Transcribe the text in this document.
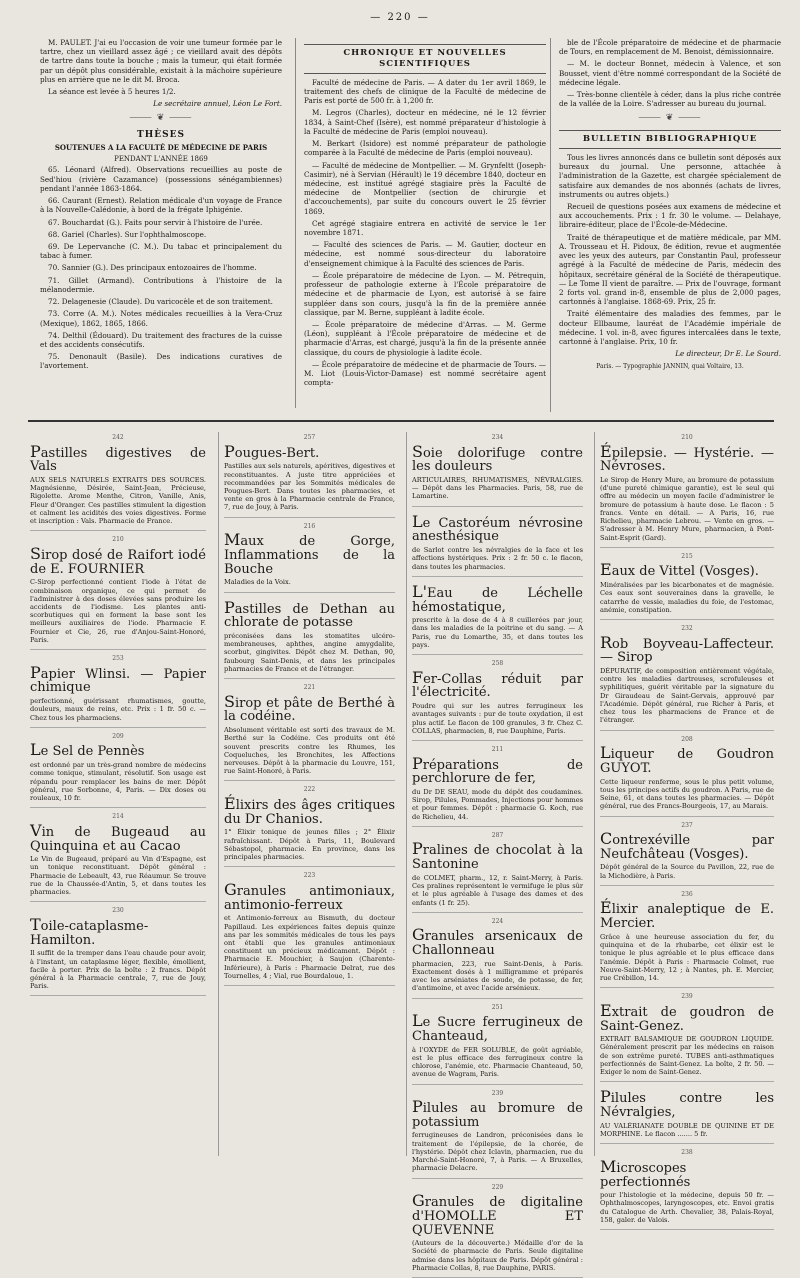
— 220 —

M. PAULET. J'ai eu l'occasion de voir une tumeur formée par le tartre, chez un vieillard assez âgé ; ce vieillard avait des dépôts de tartre dans toute la bouche ; mais la tumeur, qui était formée par un dépôt plus considérable, existait à la mâchoire supérieure plus en arrière que ne le dit M. Broca.

La séance est levée à 5 heures 1/2.

Le secrétaire annuel, Léon Le Fort.

⸻ ❦ ⸻
THÈSES
SOUTENUES A LA FACULTÉ DE MÉDECINE DE PARIS
PENDANT L'ANNÉE 1869

65. Léonard (Alfred). Observations recueillies au poste de Sed'hiou (rivière Cazamance) (possessions sénégambiennes) pendant l'année 1863-1864.

66. Caurant (Ernest). Relation médicale d'un voyage de France à la Nouvelle-Calédonie, à bord de la frégate Iphigénie.

67. Bouchardat (G.). Faits pour servir à l'histoire de l'urée.

68. Gariel (Charles). Sur l'ophthalmoscope.

69. De Lepervanche (C. M.). Du tabac et principalement du tabac à fumer.

70. Sannier (G.). Des principaux entozoaires de l'homme.

71. Gillet (Armand). Contributions à l'histoire de la mélanodermie.

72. Delagenesie (Claude). Du varicocèle et de son traitement.

73. Corre (A. M.). Notes médicales recueillies à la Vera-Cruz (Mexique), 1862, 1865, 1866.

74. Delthil (Édouard). Du traitement des fractures de la cuisse et des accidents consécutifs.

75. Denonault (Basile). Des indications curatives de l'avortement.

CHRONIQUE ET NOUVELLES SCIENTIFIQUES

Faculté de médecine de Paris. — A dater du 1er avril 1869, le traitement des chefs de clinique de la Faculté de médecine de Paris est porté de 500 fr. à 1,200 fr.

M. Legros (Charles), docteur en médecine, né le 12 février 1834, à Saint-Chef (Isère), est nommé préparateur d'histologie à la Faculté de médecine de Paris (emploi nouveau).

M. Berkart (Isidore) est nommé préparateur de pathologie comparée à la Faculté de médecine de Paris (emploi nouveau).

— Faculté de médecine de Montpellier. — M. Grynfeltt (Joseph-Casimir), né à Servian (Hérault) le 19 décembre 1840, docteur en médecine, est institué agrégé stagiaire près la Faculté de médecine de Montpellier (section de chirurgie et d'accouchements), par suite du concours ouvert le 25 février 1869.

Cet agrégé stagiaire entrera en activité de service le 1er novembre 1871.

— Faculté des sciences de Paris. — M. Gautier, docteur en médecine, est nommé sous-directeur du laboratoire d'enseignement chimique à la Faculté des sciences de Paris.

— École préparatoire de médecine de Lyon. — M. Pétrequin, professeur de pathologie externe à l'École préparatoire de médecine et de pharmacie de Lyon, est autorisé à se faire suppléer dans son cours, jusqu'à la fin de la première année classique, par M. Berne, suppléant à ladite école.

— École préparatoire de médecine d'Arras. — M. Germe (Léon), suppléant à l'École préparatoire de médecine et de pharmacie d'Arras, est chargé, jusqu'à la fin de la présente année classique, du cours de physiologie à ladite école.

— École préparatoire de médecine et de pharmacie de Tours. — M. Liot (Louis-Victor-Damase) est nommé secrétaire agent compta-

ble de l'École préparatoire de médecine et de pharmacie de Tours, en remplacement de M. Benoist, démissionnaire.

— M. le docteur Bonnet, médecin à Valence, et son Bousset, vient d'être nommé correspondant de la Société de médecine légale.

— Très-bonne clientèle à céder, dans la plus riche contrée de la vallée de la Loire. S'adresser au bureau du journal.

⸻ ❦ ⸻
BULLETIN BIBLIOGRAPHIQUE

Tous les livres annoncés dans ce bulletin sont déposés aux bureaux du journal. Une personne, attachée à l'administration de la Gazette, est chargée spécialement de satisfaire aux demandes de nos abonnés (achats de livres, instruments ou autres objets.)

Recueil de questions posées aux examens de médecine et aux accouchements. Prix : 1 fr. 30 le volume. — Delahaye, libraire-éditeur, place de l'École-de-Médecine.

Traité de thérapeutique et de matière médicale, par MM. A. Trousseau et H. Pidoux, 8e édition, revue et augmentée avec les yeux des auteurs, par Constantin Paul, professeur agrégé à la Faculté de médecine de Paris, médecin des hôpitaux, secrétaire général de la Société de thérapeutique. — Le Tome II vient de paraître. — Prix de l'ouvrage, formant 2 forts vol. grand in-8, ensemble de plus de 2,000 pages, cartonnés à l'anglaise. 1868-69. Prix, 25 fr.

Traité élémentaire des maladies des femmes, par le docteur Ellbaume, lauréat de l'Académie impériale de médecine. 1 vol. in-8, avec figures intercalées dans le texte, cartonné à l'anglaise. Prix, 10 fr.

Le directeur, Dr E. Le Sourd.

Paris. — Typographie JANNIN, quai Voltaire, 13.
242
Pastilles digestives de Vals

AUX SELS NATURELS EXTRAITS DES SOURCES. Magnésienne, Désirée, Saint-Jean, Précieuse, Rigolette. Arome Menthe, Citron, Vanille, Anis, Fleur d'Oranger. Ces pastilles stimulent la digestion et calment les acidités des voies digestives. Forme et inscription : Vals. Pharmacie de France.

210
Sirop dosé de Raifort iodé de E. FOURNIER

C-Sirop perfectionné contient l'iode à l'état de combinaison organique, ce qui permet de l'administrer à des doses élevées sans produire les accidents de l'iodisme. Les plantes anti-scorbutiques qui en forment la base sont les meilleurs auxiliaires de l'iode. Pharmacie F. Fournier et Cie, 26, rue d'Anjou-Saint-Honoré, Paris.

253
Papier Wlinsi. — Papier chimique

perfectionné, guérissant rhumatismes, goutte, douleurs, maux de reins, etc. Prix : 1 fr. 50 c. — Chez tous les pharmaciens.

209
Le Sel de Pennès

est ordonné par un très-grand nombre de médecins comme tonique, stimulant, résolutif. Son usage est répandu pour remplacer les bains de mer. Dépôt général, rue Sorbonne, 4, Paris. — Dix doses ou rouleaux, 10 fr.

214
Vin de Bugeaud au Quinquina et au Cacao

Le Vin de Bugeaud, préparé au Vin d'Espagne, est un tonique reconstituant. Dépôt général : Pharmacie de Lebeault, 43, rue Réaumur. Se trouve rue de la Chaussée-d'Antin, 5, et dans toutes les pharmacies.

230
Toile-cataplasme-Hamilton.

Il suffit de la tremper dans l'eau chaude pour avoir, à l'instant, un cataplasme léger, flexible, émollient, facile à porter. Prix de la boîte : 2 francs. Dépôt général à la Pharmacie centrale, 7, rue de Jouy, Paris.

257
Pougues-Bert.

Pastilles aux sels naturels, apéritives, digestives et reconstituantes. A juste titre appréciées et recommandées par les Sommités médicales de Pougues-Bert. Dans toutes les pharmacies, et vente en gros à la Pharmacie centrale de France, 7, rue de Jouy, à Paris.

216
Maux de Gorge, Inflammations de la Bouche

Maladies de la Voix.

Pastilles de Dethan au chlorate de potasse

préconisées dans les stomatites ulcéro-membraneuses, aphthes, angine amygdalite, scorbut, gingivites. Dépôt chez M. Dethan, 90, faubourg Saint-Denis, et dans les principales pharmacies de France et de l'étranger.

221
Sirop et pâte de Berthé à la codéine.

Absolument véritable est sorti des travaux de M. Berthé sur la Codéine. Ces produits ont été souvent prescrits contre les Rhumes, les Coqueluches, les Bronchites, les Affections nerveuses. Dépôt à la pharmacie du Louvre, 151, rue Saint-Honoré, à Paris.

222
Élixirs des âges critiques du Dr Chanios.

1° Élixir tonique de jeunes filles ; 2° Élixir rafraîchissant. Dépôt à Paris, 11, Boulevard Sébastopol, pharmacie. En province, dans les principales pharmacies.

223
Granules antimoniaux, antimonio-ferreux

et Antimonio-ferreux au Bismuth, du docteur Papillaud. Les expériences faites depuis quinze ans par les sommités médicales de tous les pays ont établi que les granules antimoniaux constituent un précieux médicament. Dépôt : Pharmacie E. Mouchier, à Saujon (Charente-Inférieure), à Paris : Pharmacie Delrat, rue des Tournelles, 4 ; Vial, rue Bourdaloue, 1.

234
Soie dolorifuge contre les douleurs

ARTICULAIRES, RHUMATISMES, NÉVRALGIES. — Dépôt dans les Pharmacies. Paris, 58, rue de Lamartine.

Le Castoréum névrosine anesthésique

de Sarlot contre les névralgies de la face et les affections hystériques. Prix : 2 fr. 50 c. le flacon, dans toutes les pharmacies.

L'Eau de Léchelle hémostatique,

prescrite à la dose de 4 à 8 cuillerées par jour, dans les maladies de la poitrine et du sang. — A Paris, rue du Lomarthe, 35, et dans toutes les pays.

258
Fer-Collas réduit par l'électricité.

Poudre qui sur les autres ferrugineux les avantages suivants : pur de toute oxydation, il est plus actif. Le flacon de 100 granules, 3 fr. Chez C. COLLAS, pharmacien, 8, rue Dauphine, Paris.

211
Préparations de perchlorure de fer,

du Dr DE SEAU, mode du dépôt des coudamines. Sirop, Pilules, Pommades, Injections pour hommes et pour femmes. Dépôt : pharmacie G. Koch, rue de Richelieu, 44.

287
Pralines de chocolat à la Santonine

de COLMET, pharm., 12, r. Saint-Merry, à Paris. Ces pralines représentent le vermifuge le plus sûr et le plus agréable à l'usage des dames et des enfants (1 fr. 25).

224
Granules arsenicaux de Challonneau

pharmacien, 223, rue Saint-Denis, à Paris. Exactement dosés à 1 milligramme et préparés avec les arséniates de soude, de potasse, de fer, d'antimoine, et avec l'acide arsénieux.

251
Le Sucre ferrugineux de Chanteaud,

à l'OXYDE de FER SOLUBLE, de goût agréable, est le plus efficace des ferrugineux contre la chlorose, l'anémie, etc. Pharmacie Chanteaud, 50, avenue de Wagram, Paris.

239
Pilules au bromure de potassium

ferrugineuses de Landron, préconisées dans le traitement de l'épilepsie, de la chorée, de l'hystérie. Dépôt chez Iclavin, pharmacien, rue du Marché-Saint-Honoré, 7, à Paris. — A Bruxelles, pharmacie Delacre.

229
Granules de digitaline d'HOMOLLE ET QUEVENNE

(Auteurs de la découverte.) Médaille d'or de la Société de pharmacie de Paris. Seule digitaline admise dans les hôpitaux de Paris. Dépôt général : Pharmacie Collas, 8, rue Dauphine, PARIS.

210
Épilepsie. — Hystérie. — Névroses.

Le Sirop de Henry Mure, au bromure de potassium (d'une pureté chimique garantie), est le seul qui offre au médecin un moyen facile d'administrer le bromure de potassium à haute dose. Le flacon : 5 francs. Vente en détail. — A Paris, 16, rue Richelieu, pharmacie Lebrou. — Vente en gros. — S'adresser à M. Henry Mure, pharmacien, à Pont-Saint-Esprit (Gard).

215
Eaux de Vittel (Vosges).

Minéralisées par les bicarbonates et de magnésie. Ces eaux sont souveraines dans la gravelle, le catarrhe de vessie, maladies du foie, de l'estomac, anémie, constipation.

232
Rob Boyveau-Laffecteur. — Sirop

DÉPURATIF, de composition entièrement végétale, contre les maladies dartreuses, scrofuleuses et syphilitiques, guérit véritable par la signature du Dr Giraudeau de Saint-Gervais, approuvé par l'Académie. Dépôt général, rue Richer à Paris, et chez tous les pharmaciens de France et de l'étranger.

208
Liqueur de Goudron GUYOT.

Cette liqueur renferme, sous le plus petit volume, tous les principes actifs du goudron. A Paris, rue de Seine, 61, et dans toutes les pharmacies. — Dépôt général, rue des Francs-Bourgeois, 17, au Marais.

237
Contrexéville par Neufchâteau (Vosges).

Dépôt général de la Source du Pavillon, 22, rue de la Michodière, à Paris.

236
Élixir analeptique de E. Mercier.

Grâce à une heureuse association du fer, du quinquina et de la rhubarbe, cet élixir est le tonique le plus agréable et le plus efficace dans l'anémie. Dépôt à Paris : Pharmacie Colmet, rue Neuve-Saint-Merry, 12 ; à Nantes, ph. E. Mercier, rue Crébillon, 14.

239
Extrait de goudron de Saint-Genez.

EXTRAIT BALSAMIQUE DE GOUDRON LIQUIDE. Généralement prescrit par les médecins en raison de son extrême pureté. TUBES anti-asthmatiques perfectionnés de Saint-Genez. La boîte, 2 fr. 50. — Exiger le nom de Saint-Genez.

Pilules contre les Névralgies,

AU VALÉRIANATE DOUBLE DE QUININE ET DE MORPHINE. Le flacon ....... 5 fr.

238
Microscopes perfectionnés

pour l'histologie et la médecine, depuis 50 fr. — Ophthalmoscopes, laryngoscopes, etc. Envoi gratis du Catalogue de Arth. Chevalier, 38, Palais-Royal, 158, galer. de Valois.
